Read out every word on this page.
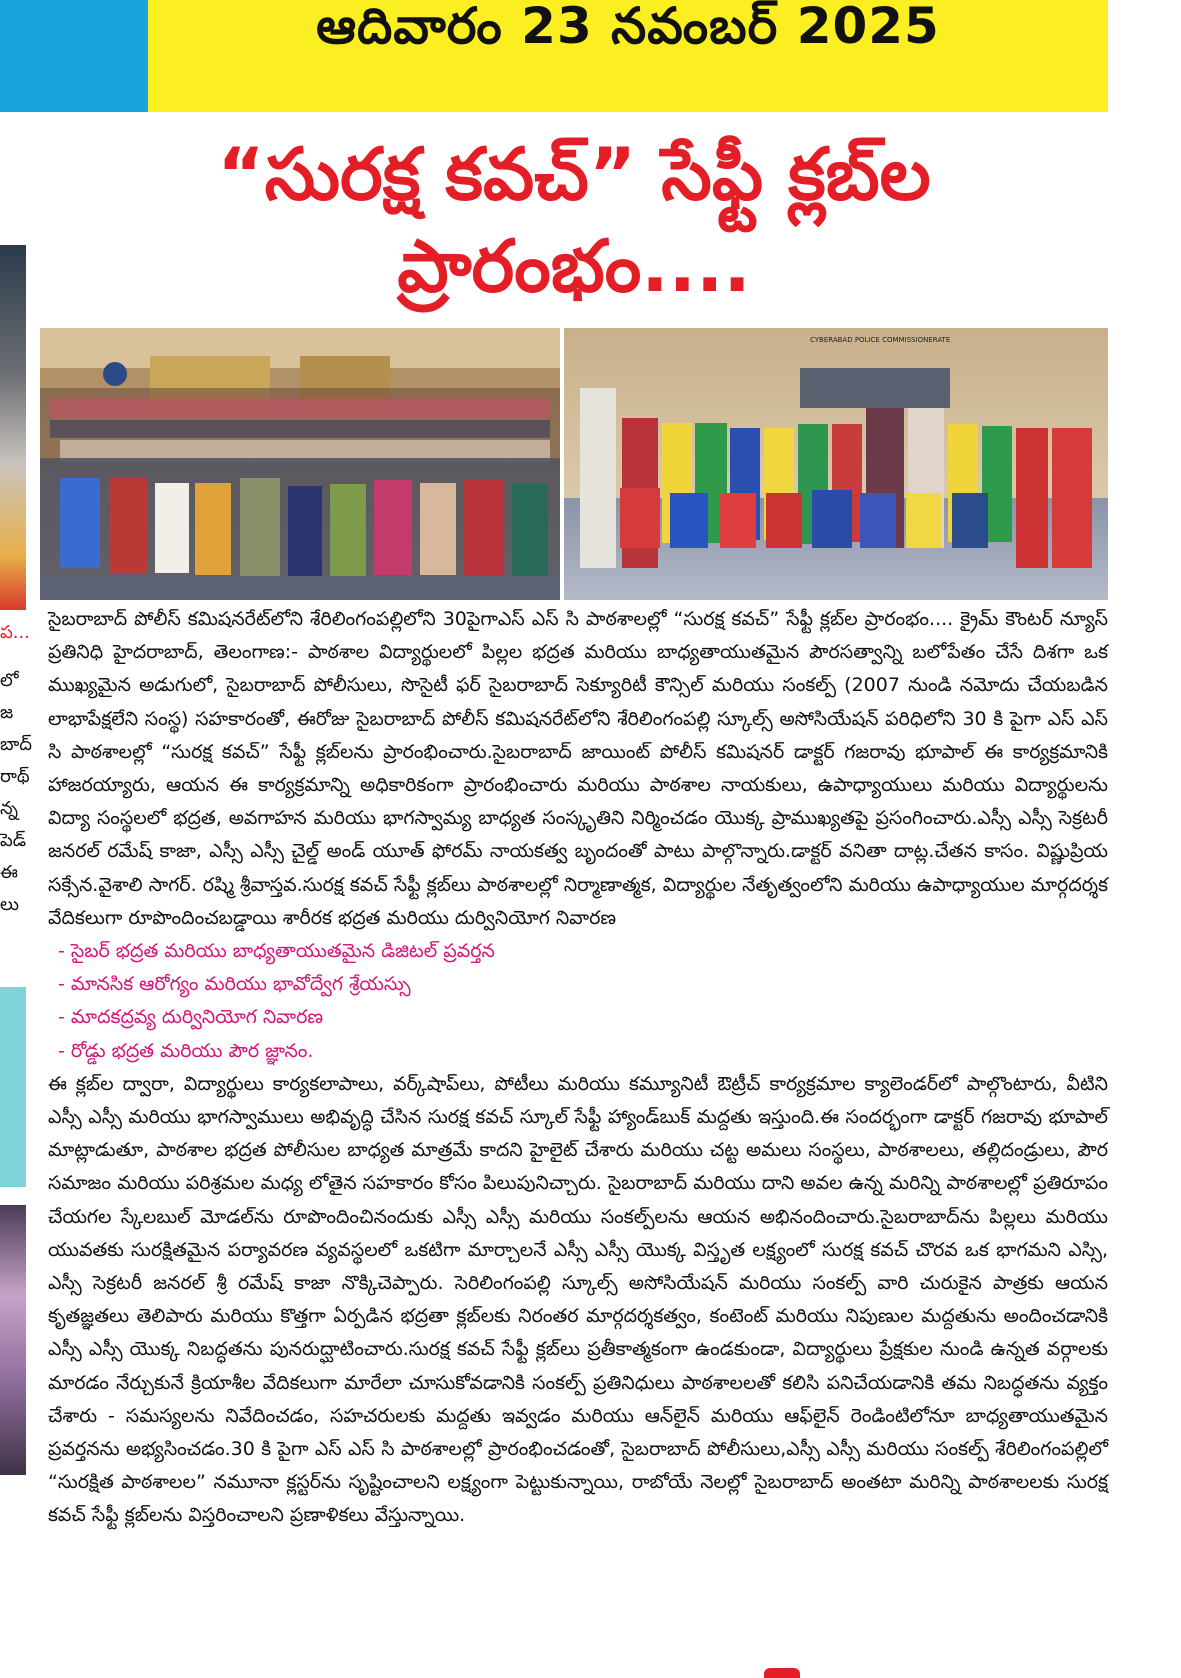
ఆదివారం 23 నవంబర్ 2025
“సురక్ష కవచ్” సేఫ్టీ క్లబ్‌ల
ప్రారంభం....
ప...
లో
జ
బాద్
రాథ్
న్న
పెడ్
ఈ
లు
CYBERABAD POLICE COMMISSIONERATE

సైబరాబాద్ పోలీస్ కమిషనరేట్‌లోని శేరిలింగంపల్లిలోని 30పైగాఎస్ ఎస్ సి పాఠశాలల్లో “సురక్ష కవచ్” సేఫ్టీ క్లబ్‌ల ప్రారంభం.... క్రైమ్ కౌంటర్ న్యూస్ ప్రతినిధి హైదరాబాద్, తెలంగాణ:- పాఠశాల విద్యార్థులలో పిల్లల భద్రత మరియు బాధ్యతాయుతమైన పౌరసత్వాన్ని బలోపేతం చేసే దిశగా ఒక ముఖ్యమైన అడుగులో, సైబరాబాద్ పోలీసులు, సొసైటీ ఫర్ సైబరాబాద్ సెక్యూరిటీ కౌన్సిల్ మరియు సంకల్ప్ (2007 నుండి నమోదు చేయబడిన లాభాపేక్షలేని సంస్థ) సహకారంతో, ఈరోజు సైబరాబాద్ పోలీస్ కమిషనరేట్‌లోని శేరిలింగంపల్లి స్కూల్స్ అసోసియేషన్ పరిధిలోని 30 కి పైగా ఎస్ ఎస్ సి పాఠశాలల్లో “సురక్ష కవచ్” సేఫ్టీ క్లబ్‌లను ప్రారంభించారు.సైబరాబాద్ జాయింట్ పోలీస్ కమిషనర్ డాక్టర్ గజరావు భూపాల్ ఈ కార్యక్రమానికి హాజరయ్యారు, ఆయన ఈ కార్యక్రమాన్ని అధికారికంగా ప్రారంభించారు మరియు పాఠశాల నాయకులు, ఉపాధ్యాయులు మరియు విద్యార్థులను విద్యా సంస్థలలో భద్రత, అవగాహన మరియు భాగస్వామ్య బాధ్యత సంస్కృతిని నిర్మించడం యొక్క ప్రాముఖ్యతపై ప్రసంగించారు.ఎస్సీ ఎస్సీ సెక్రటరీ జనరల్ రమేష్ కాజా, ఎస్సీ ఎస్సీ చైల్డ్ అండ్ యూత్ ఫోరమ్ నాయకత్వ బృందంతో పాటు పాల్గొన్నారు.డాక్టర్ వనితా దాట్ల.చేతన కాసం. విష్ణుప్రియ సక్సేన.వైశాలి సాగర్. రష్మి శ్రీవాస్తవ.సురక్ష కవచ్ సేఫ్టీ క్లబ్‌లు పాఠశాలల్లో నిర్మాణాత్మక, విద్యార్థుల నేతృత్వంలోని మరియు ఉపాధ్యాయుల మార్గదర్శక వేదికలుగా రూపొందించబడ్డాయి శారీరక భద్రత మరియు దుర్వినియోగ నివారణ

- సైబర్ భద్రత మరియు బాధ్యతాయుతమైన డిజిటల్ ప్రవర్తన
- మానసిక ఆరోగ్యం మరియు భావోద్వేగ శ్రేయస్సు
- మాదకద్రవ్య దుర్వినియోగ నివారణ
- రోడ్డు భద్రత మరియు పౌర జ్ఞానం.

ఈ క్లబ్‌ల ద్వారా, విద్యార్థులు కార్యకలాపాలు, వర్క్‌షాప్‌లు, పోటీలు మరియు కమ్యూనిటీ ఔట్రీచ్ కార్యక్రమాల క్యాలెండర్‌లో పాల్గొంటారు, వీటిని ఎస్సీ ఎస్సీ మరియు భాగస్వాములు అభివృద్ధి చేసిన సురక్ష కవచ్ స్కూల్ సేఫ్టీ హ్యాండ్‌బుక్ మద్దతు ఇస్తుంది.ఈ సందర్భంగా డాక్టర్ గజరావు భూపాల్ మాట్లాడుతూ, పాఠశాల భద్రత పోలీసుల బాధ్యత మాత్రమే కాదని హైలైట్ చేశారు మరియు చట్ట అమలు సంస్థలు, పాఠశాలలు, తల్లిదండ్రులు, పౌర సమాజం మరియు పరిశ్రమల మధ్య లోతైన సహకారం కోసం పిలుపునిచ్చారు. సైబరాబాద్ మరియు దాని అవల ఉన్న మరిన్ని పాఠశాలల్లో ప్రతిరూపం చేయగల స్కేలబుల్ మోడల్‌ను రూపొందించినందుకు ఎస్సీ ఎస్సీ మరియు సంకల్ప్‌లను ఆయన అభినందించారు.సైబరాబాద్‌ను పిల్లలు మరియు యువతకు సురక్షితమైన పర్యావరణ వ్యవస్థలలో ఒకటిగా మార్చాలనే ఎస్సీ ఎస్సీ యొక్క విస్తృత లక్ష్యంలో సురక్ష కవచ్ చొరవ ఒక భాగమని ఎస్సి, ఎస్సీ సెక్రటరీ జనరల్ శ్రీ రమేష్ కాజా నొక్కిచెప్పారు. సెరిలింగంపల్లి స్కూల్స్ అసోసియేషన్ మరియు సంకల్ప్ వారి చురుకైన పాత్రకు ఆయన కృతజ్ఞతలు తెలిపారు మరియు కొత్తగా ఏర్పడిన భద్రతా క్లబ్‌లకు నిరంతర మార్గదర్శకత్వం, కంటెంట్ మరియు నిపుణుల మద్దతును అందించడానికి ఎస్సీ ఎస్సీ యొక్క నిబద్ధతను పునరుద్ఘాటించారు.సురక్ష కవచ్ సేఫ్టీ క్లబ్‌లు ప్రతీకాత్మకంగా ఉండకుండా, విద్యార్థులు ప్రేక్షకుల నుండి ఉన్నత వర్గాలకు మారడం నేర్చుకునే క్రియాశీల వేదికలుగా మారేలా చూసుకోవడానికి సంకల్ప్ ప్రతినిధులు పాఠశాలలతో కలిసి పనిచేయడానికి తమ నిబద్ధతను వ్యక్తం చేశారు - సమస్యలను నివేదించడం, సహచరులకు మద్దతు ఇవ్వడం మరియు ఆన్‌లైన్ మరియు ఆఫ్‌లైన్ రెండింటిలోనూ బాధ్యతాయుతమైన ప్రవర్తనను అభ్యసించడం.30 కి పైగా ఎస్ ఎస్ సి పాఠశాలల్లో ప్రారంభించడంతో, సైబరాబాద్ పోలీసులు,ఎస్సీ ఎస్సీ మరియు సంకల్ప్ శేరిలింగంపల్లిలో “సురక్షిత పాఠశాలల” నమూనా క్లస్టర్‌ను సృష్టించాలని లక్ష్యంగా పెట్టుకున్నాయి, రాబోయే నెలల్లో సైబరాబాద్ అంతటా మరిన్ని పాఠశాలలకు సురక్ష కవచ్ సేఫ్టీ క్లబ్‌లను విస్తరించాలని ప్రణాళికలు వేస్తున్నాయి.
